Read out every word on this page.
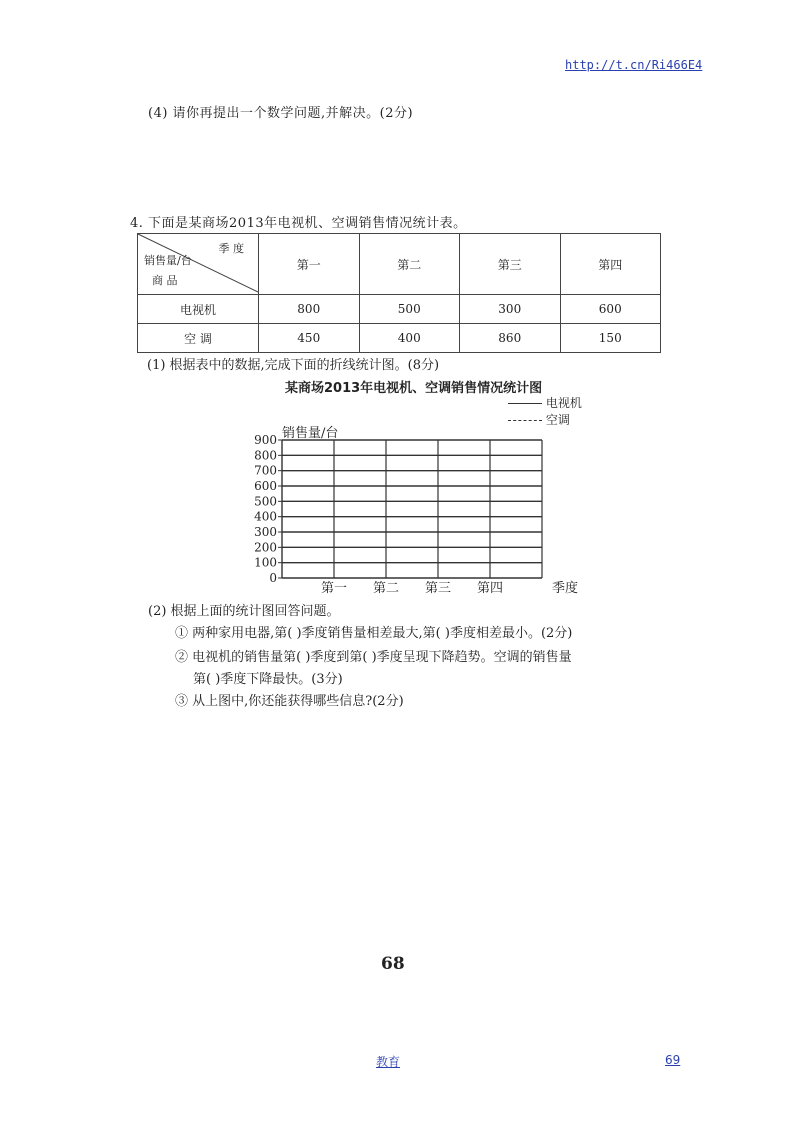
http://t.cn/Ri466E4
(4) 请你再提出一个数学问题,并解决。(2分)
4. 下面是某商场2013年电视机、空调销售情况统计表。
季 度
销售量/台
商 品	第一	第二	第三	第四
电视机	800	500	300	600
空 调	450	400	860	150
(1) 根据表中的数据,完成下面的折线统计图。(8分)
某商场2013年电视机、空调销售情况统计图
电视机
空调
销售量/台
0
100
200
300
400
500
600
700
800
900
第一 第二 第三 第四	季度
(2) 根据上面的统计图回答问题。
① 两种家用电器,第( )季度销售量相差最大,第( )季度相差最小。(2分)
② 电视机的销售量第( )季度到第( )季度呈现下降趋势。空调的销售量
第( )季度下降最快。(3分)
③ 从上图中,你还能获得哪些信息?(2分)
68
教育	69
